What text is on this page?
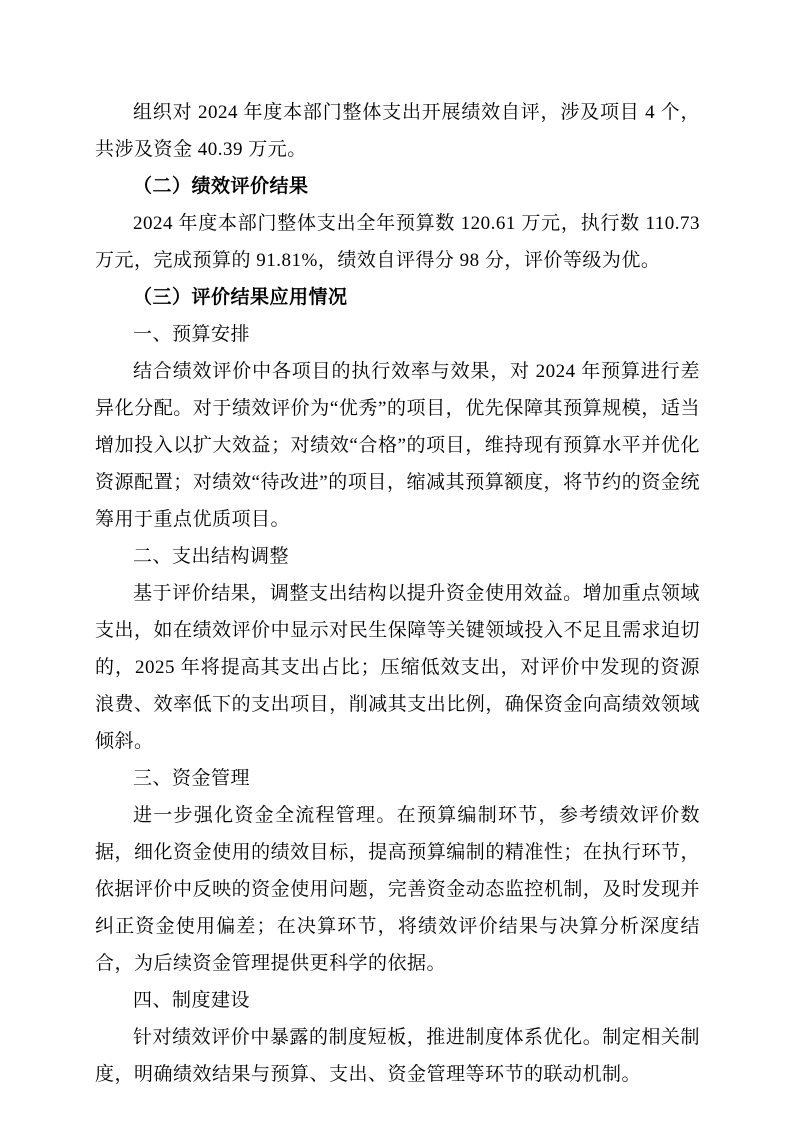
组织对 2024 年度本部门整体支出开展绩效自评，涉及项目 4 个，共涉及资金 40.39 万元。

（二）绩效评价结果

2024 年度本部门整体支出全年预算数 120.61 万元，执行数 110.73 万元，完成预算的 91.81%，绩效自评得分 98 分，评价等级为优。

（三）评价结果应用情况

一、预算安排

结合绩效评价中各项目的执行效率与效果，对 2024 年预算进行差异化分配。对于绩效评价为“优秀”的项目，优先保障其预算规模，适当增加投入以扩大效益；对绩效“合格”的项目，维持现有预算水平并优化资源配置；对绩效“待改进”的项目，缩减其预算额度，将节约的资金统筹用于重点优质项目。

二、支出结构调整

基于评价结果，调整支出结构以提升资金使用效益。增加重点领域支出，如在绩效评价中显示对民生保障等关键领域投入不足且需求迫切的，2025 年将提高其支出占比；压缩低效支出，对评价中发现的资源浪费、效率低下的支出项目，削减其支出比例，确保资金向高绩效领域倾斜。

三、资金管理

进一步强化资金全流程管理。在预算编制环节，参考绩效评价数据，细化资金使用的绩效目标，提高预算编制的精准性；在执行环节，依据评价中反映的资金使用问题，完善资金动态监控机制，及时发现并纠正资金使用偏差；在决算环节，将绩效评价结果与决算分析深度结合，为后续资金管理提供更科学的依据。

四、制度建设

针对绩效评价中暴露的制度短板，推进制度体系优化。制定相关制度，明确绩效结果与预算、支出、资金管理等环节的联动机制。
